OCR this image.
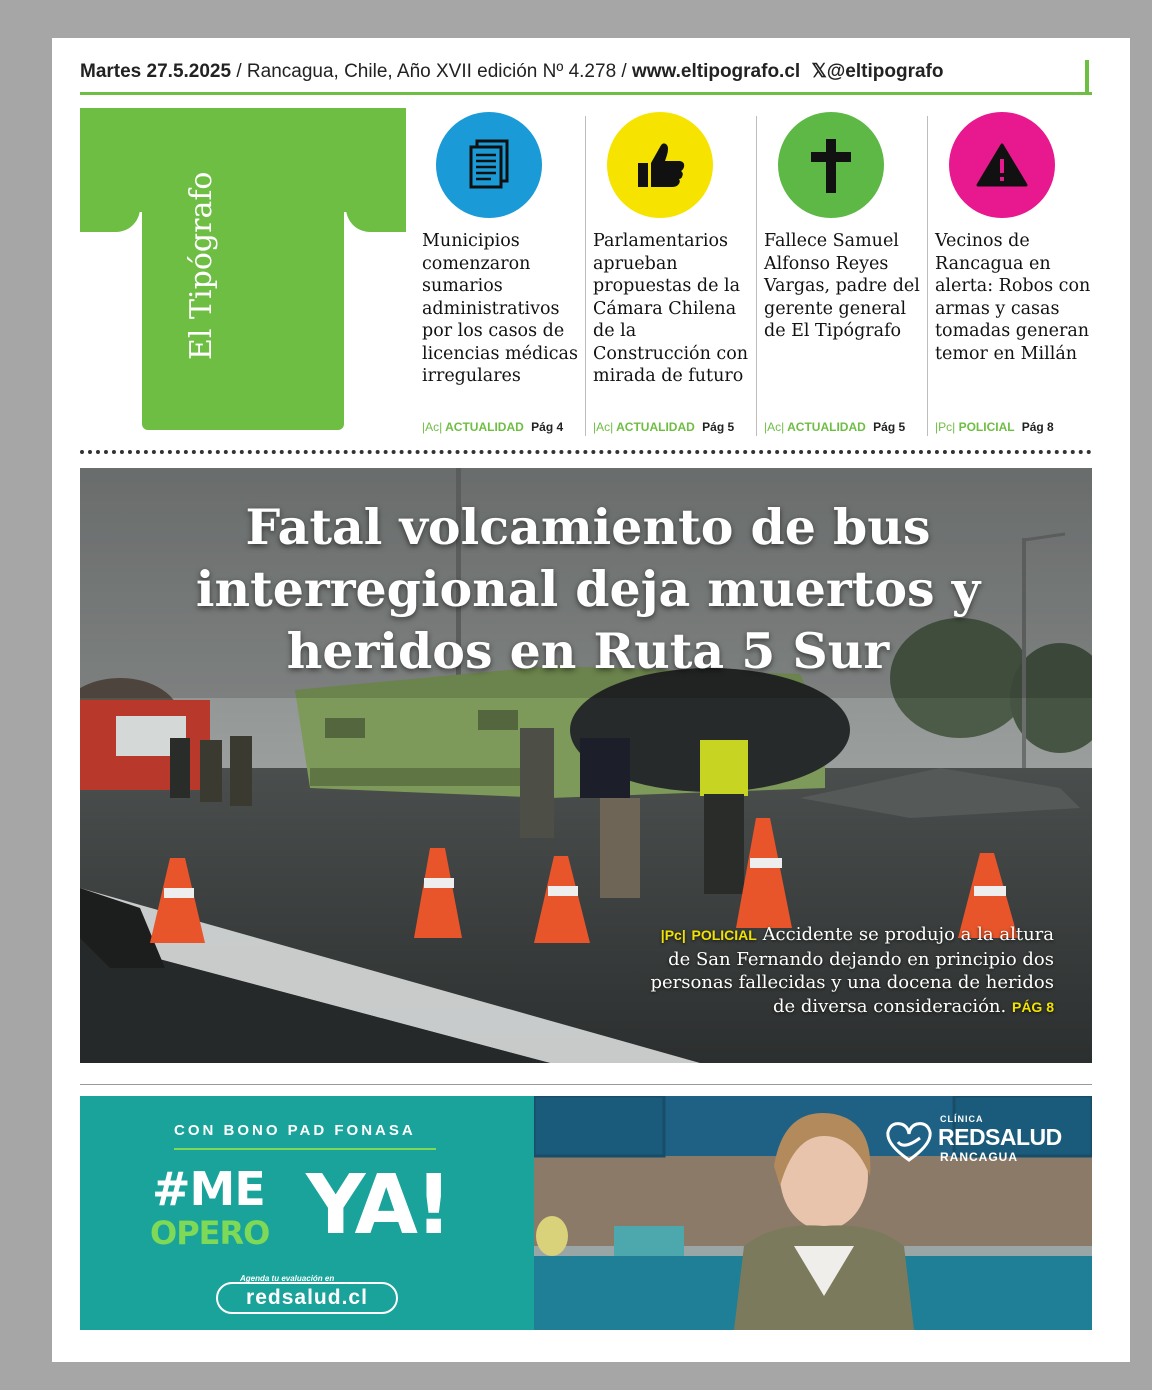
Martes 27.5.2025 / Rancagua, Chile, Año XVII edición Nº 4.278 / www.eltipografo.cl 𝕏@eltipografo
El Tipógrafo	Municipios comenzaron sumarios administrativos por los casos de licencias médicas irregulares
|Ac| ACTUALIDAD Pág 4
Parlamentarios aprueban propuestas de la Cámara Chilena de la Construcción con mirada de futuro
|Ac| ACTUALIDAD Pág 5
Fallece Samuel Alfonso Reyes Vargas, padre del gerente general de El Tipógrafo
|Ac| ACTUALIDAD Pág 5
Vecinos de Rancagua en alerta: Robos con armas y casas tomadas generan temor en Millán
|Pc| POLICIAL Pág 8
Fatal volcamiento de bus interregional deja muertos y heridos en Ruta 5 Sur
|Pc| POLICIAL Accidente se produjo a la altura de San Fernando dejando en principio dos personas fallecidas y una docena de heridos de diversa consideración. PÁG 8
CON BONO PAD FONASA
#ME
OPERO YA!
Agenda tu evaluación en
redsalud.cl
CLÍNICA
REDSALUD
RANCAGUA
